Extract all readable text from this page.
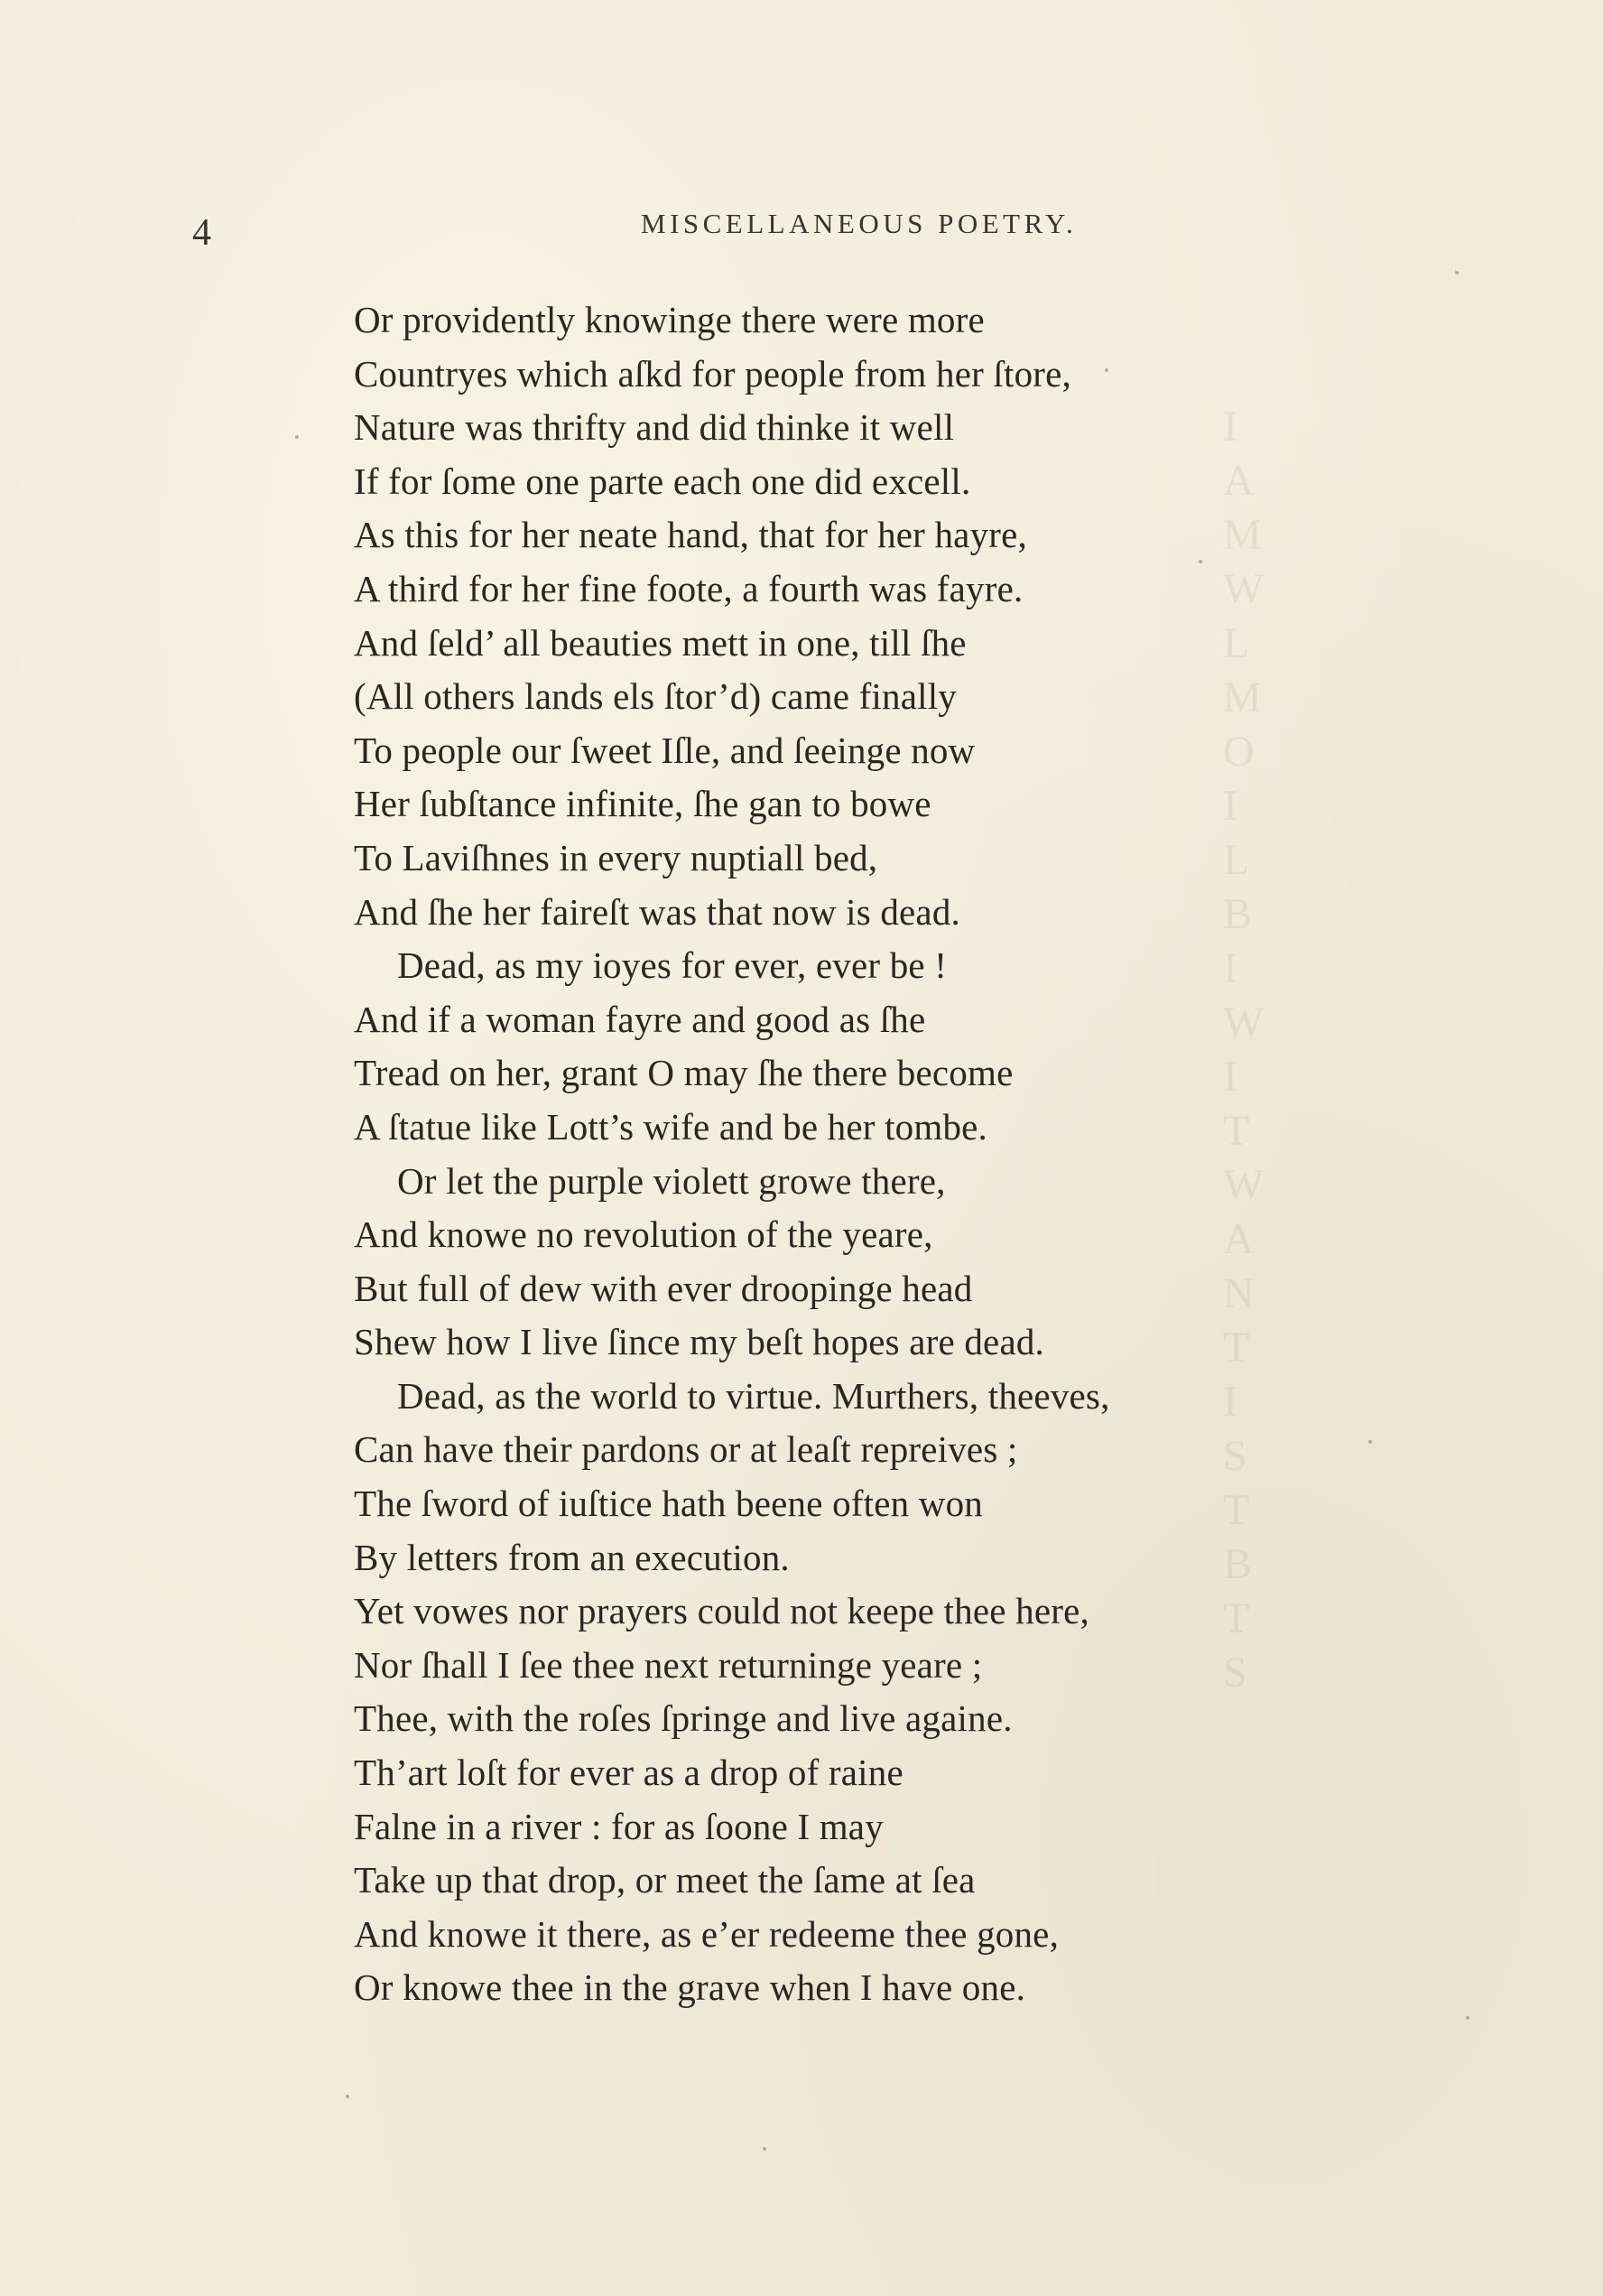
I
A
M
W
L
M
O
I
L
B
I
W
I
T
W
A
N
T
I
S
T
B
T
S
4	MISCELLANEOUS POETRY.
Or providently knowinge there were more
Countryes which aſkd for people from her ſtore,
Nature was thrifty and did thinke it well
If for ſome one parte each one did excell.
As this for her neate hand, that for her hayre,
A third for her fine foote, a fourth was fayre.
And ſeld’ all beauties mett in one, till ſhe
(All others lands els ſtor’d) came finally
To people our ſweet Iſle, and ſeeinge now
Her ſubſtance infinite, ſhe gan to bowe
To Laviſhnes in every nuptiall bed,
And ſhe her faireſt was that now is dead.
Dead, as my ioyes for ever, ever be !
And if a woman fayre and good as ſhe
Tread on her, grant O may ſhe there become
A ſtatue like Lott’s wife and be her tombe.
Or let the purple violett growe there,
And knowe no revolution of the yeare,
But full of dew with ever droopinge head
Shew how I live ſince my beſt hopes are dead.
Dead, as the world to virtue. Murthers, theeves,
Can have their pardons or at leaſt repreives ;
The ſword of iuſtice hath beene often won
By letters from an execution.
Yet vowes nor prayers could not keepe thee here,
Nor ſhall I ſee thee next returninge yeare ;
Thee, with the roſes ſpringe and live againe.
Th’art loſt for ever as a drop of raine
Falne in a river : for as ſoone I may
Take up that drop, or meet the ſame at ſea
And knowe it there, as e’er redeeme thee gone,
Or knowe thee in the grave when I have one.
